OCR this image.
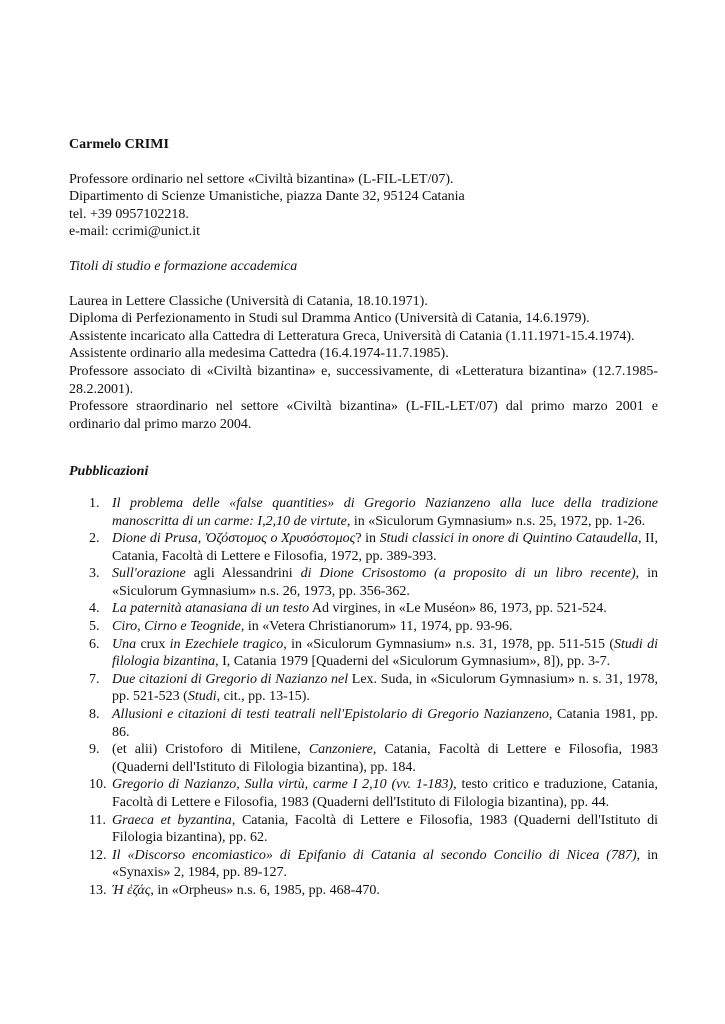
Carmelo CRIMI

Professore ordinario nel settore «Civiltà bizantina» (L-FIL-LET/07).

Dipartimento di Scienze Umanistiche, piazza Dante 32, 95124 Catania

tel. +39 0957102218.

e-mail: ccrimi@unict.it

Titoli di studio e formazione accademica

Laurea in Lettere Classiche (Università di Catania, 18.10.1971).

Diploma di Perfezionamento in Studi sul Dramma Antico (Università di Catania, 14.6.1979).

Assistente incaricato alla Cattedra di Letteratura Greca, Università di Catania (1.11.1971-15.4.1974).

Assistente ordinario alla medesima Cattedra (16.4.1974-11.7.1985).

Professore associato di «Civiltà bizantina» e, successivamente, di «Letteratura bizantina» (12.7.1985-28.2.2001).

Professore straordinario nel settore «Civiltà bizantina» (L-FIL-LET/07) dal primo marzo 2001 e ordinario dal primo marzo 2004.

Pubblicazioni

1. Il problema delle «false quantities» di Gregorio Nazianzeno alla luce della tradizione manoscritta di un carme: I,2,10 de virtute, in «Siculorum Gymnasium» n.s. 25, 1972, pp. 1-26.
2. Dione di Prusa, Ὀζόστομος o Χρυσόστομος? in Studi classici in onore di Quintino Cataudella, II, Catania, Facoltà di Lettere e Filosofia, 1972, pp. 389-393.
3. Sull'orazione agli Alessandrini di Dione Crisostomo (a proposito di un libro recente), in «Siculorum Gymnasium» n.s. 26, 1973, pp. 356-362.
4. La paternità atanasiana di un testo Ad virgines, in «Le Muséon» 86, 1973, pp. 521-524.
5. Ciro, Cirno e Teognide, in «Vetera Christianorum» 11, 1974, pp. 93-96.
6. Una crux in Ezechiele tragico, in «Siculorum Gymnasium» n.s. 31, 1978, pp. 511-515 (Studi di filologia bizantina, I, Catania 1979 [Quaderni del «Siculorum Gymnasium», 8]), pp. 3-7.
7. Due citazioni di Gregorio di Nazianzo nel Lex. Suda, in «Siculorum Gymnasium» n. s. 31, 1978, pp. 521-523 (Studi, cit., pp. 13-15).
8. Allusioni e citazioni di testi teatrali nell'Epistolario di Gregorio Nazianzeno, Catania 1981, pp. 86.
9. (et alii) Cristoforo di Mitilene, Canzoniere, Catania, Facoltà di Lettere e Filosofia, 1983 (Quaderni dell'Istituto di Filologia bizantina), pp. 184.
10. Gregorio di Nazianzo, Sulla virtù, carme I 2,10 (vv. 1-183), testo critico e traduzione, Catania, Facoltà di Lettere e Filosofia, 1983 (Quaderni dell'Istituto di Filologia bizantina), pp. 44.
11. Graeca et byzantina, Catania, Facoltà di Lettere e Filosofia, 1983 (Quaderni dell'Istituto di Filologia bizantina), pp. 62.
12. Il «Discorso encomiastico» di Epifanio di Catania al secondo Concilio di Nicea (787), in «Synaxis» 2, 1984, pp. 89-127.
13. Ἡ ἐζάς, in «Orpheus» n.s. 6, 1985, pp. 468-470.
